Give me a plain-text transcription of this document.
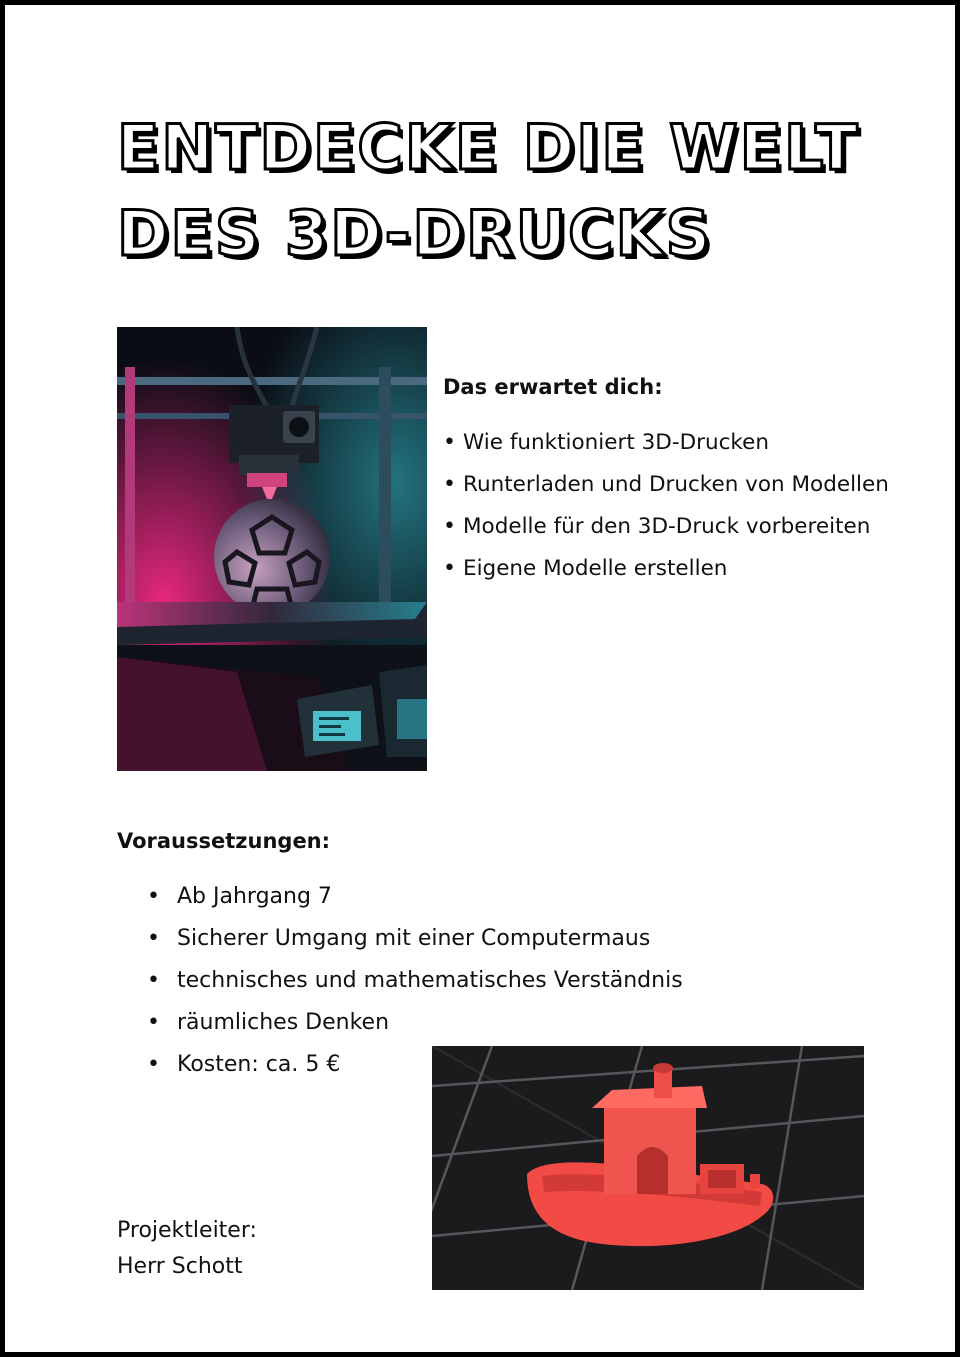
ENTDECKE DIE WELT
DES 3D-DRUCKS
Das erwartet dich:
• Wie funktioniert 3D-Drucken
• Runterladen und Drucken von Modellen
• Modelle für den 3D-Druck vorbereiten
• Eigene Modelle erstellen
Voraussetzungen:
• Ab Jahrgang 7
• Sicherer Umgang mit einer Computermaus
• technisches und mathematisches Verständnis
• räumliches Denken
• Kosten: ca. 5 €
Projektleiter:
Herr Schott
